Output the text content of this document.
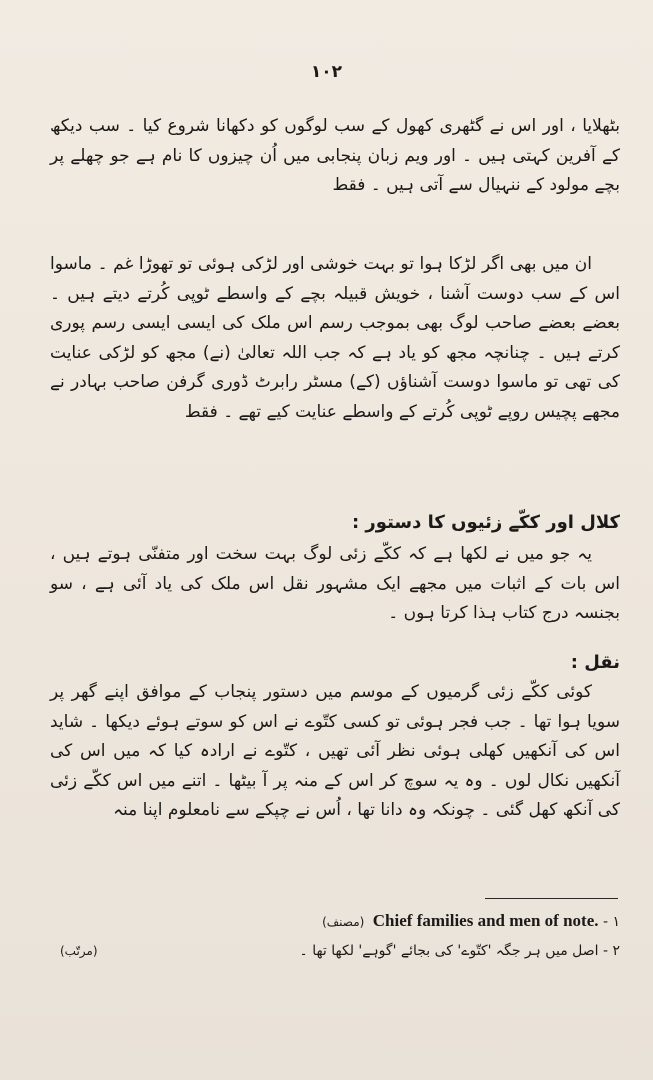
۱۰۲
بٹھلایا ، اور اس نے گٹھری کھول کے سب لوگوں کو دکھانا شروع کیا ۔ سب دیکھ کے آفرین کہتی ہیں ۔ اور ویم زبان پنجابی میں اُن چیزوں کا نام ہے جو چھلے پر بچے مولود کے ننہیال سے آتی ہیں ۔ فقط
ان میں بھی اگر لڑکا ہوا تو بہت خوشی اور لڑکی ہوئی تو تھوڑا غم ۔ ماسوا اس کے سب دوست آشنا ، خویش قبیلہ بچے کے واسطے ٹوپی کُرتے دیتے ہیں ۔ بعضے بعضے صاحب لوگ بھی بموجب رسم اس ملک کی ایسی ایسی رسم پوری کرتے ہیں ۔ چنانچہ مجھ کو یاد ہے کہ جب اللہ تعالیٰ (نے) مجھ کو لڑکی عنایت کی تھی تو ماسوا دوست آشناؤں (کے) مسٹر رابرٹ ڈوری گرفن صاحب بہادر نے مجھے پچیس روپے ٹوپی کُرتے کے واسطے عنایت کیے تھے ۔ فقط
کلال اور ککّے زئیوں کا دستور :
یہ جو میں نے لکھا ہے کہ ککّے زئی لوگ بہت سخت اور متفنّی ہوتے ہیں ، اس بات کے اثبات میں مجھے ایک مشہور نقل اس ملک کی یاد آئی ہے ، سو بجنسہ درج کتاب ہذا کرتا ہوں ۔
نقل :
کوئی ککّے زئی گرمیوں کے موسم میں دستور پنجاب کے موافق اپنے گھر پر سویا ہوا تھا ۔ جب فجر ہوئی تو کسی کتّوے نے اس کو سوتے ہوئے دیکھا ۔ شاید اس کی آنکھیں کھلی ہوئی نظر آئی تھیں ، کتّوے نے ارادہ کیا کہ میں اس کی آنکھیں نکال لوں ۔ وہ یہ سوچ کر اس کے منہ پر آ بیٹھا ۔ اتنے میں اس ککّے زئی کی آنکھ کھل گئی ۔ چونکہ وہ دانا تھا ، اُس نے چپکے سے نامعلوم اپنا منہ
۱ - Chief families and men of note. (مصنف)
۲ - اصل میں ہر جگہ 'کتّوے' کی بجائے 'گوہے' لکھا تھا ۔
(مرتّب)
